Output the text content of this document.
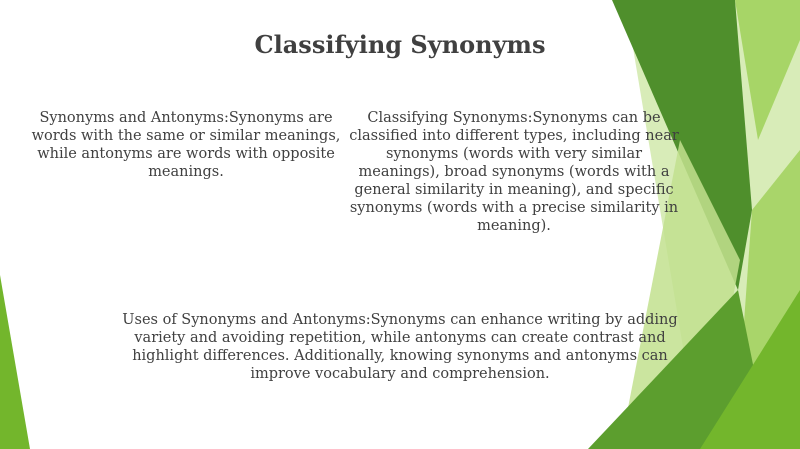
Classifying Synonyms
Synonyms and Antonyms:Synonyms are words with the same or similar meanings, while antonyms are words with opposite meanings.
Classifying Synonyms:Synonyms can be classified into different types, including near synonyms (words with very similar meanings), broad synonyms (words with a general similarity in meaning), and specific synonyms (words with a precise similarity in meaning).
Uses of Synonyms and Antonyms:Synonyms can enhance writing by adding variety and avoiding repetition, while antonyms can create contrast and highlight differences. Additionally, knowing synonyms and antonyms can improve vocabulary and comprehension.
